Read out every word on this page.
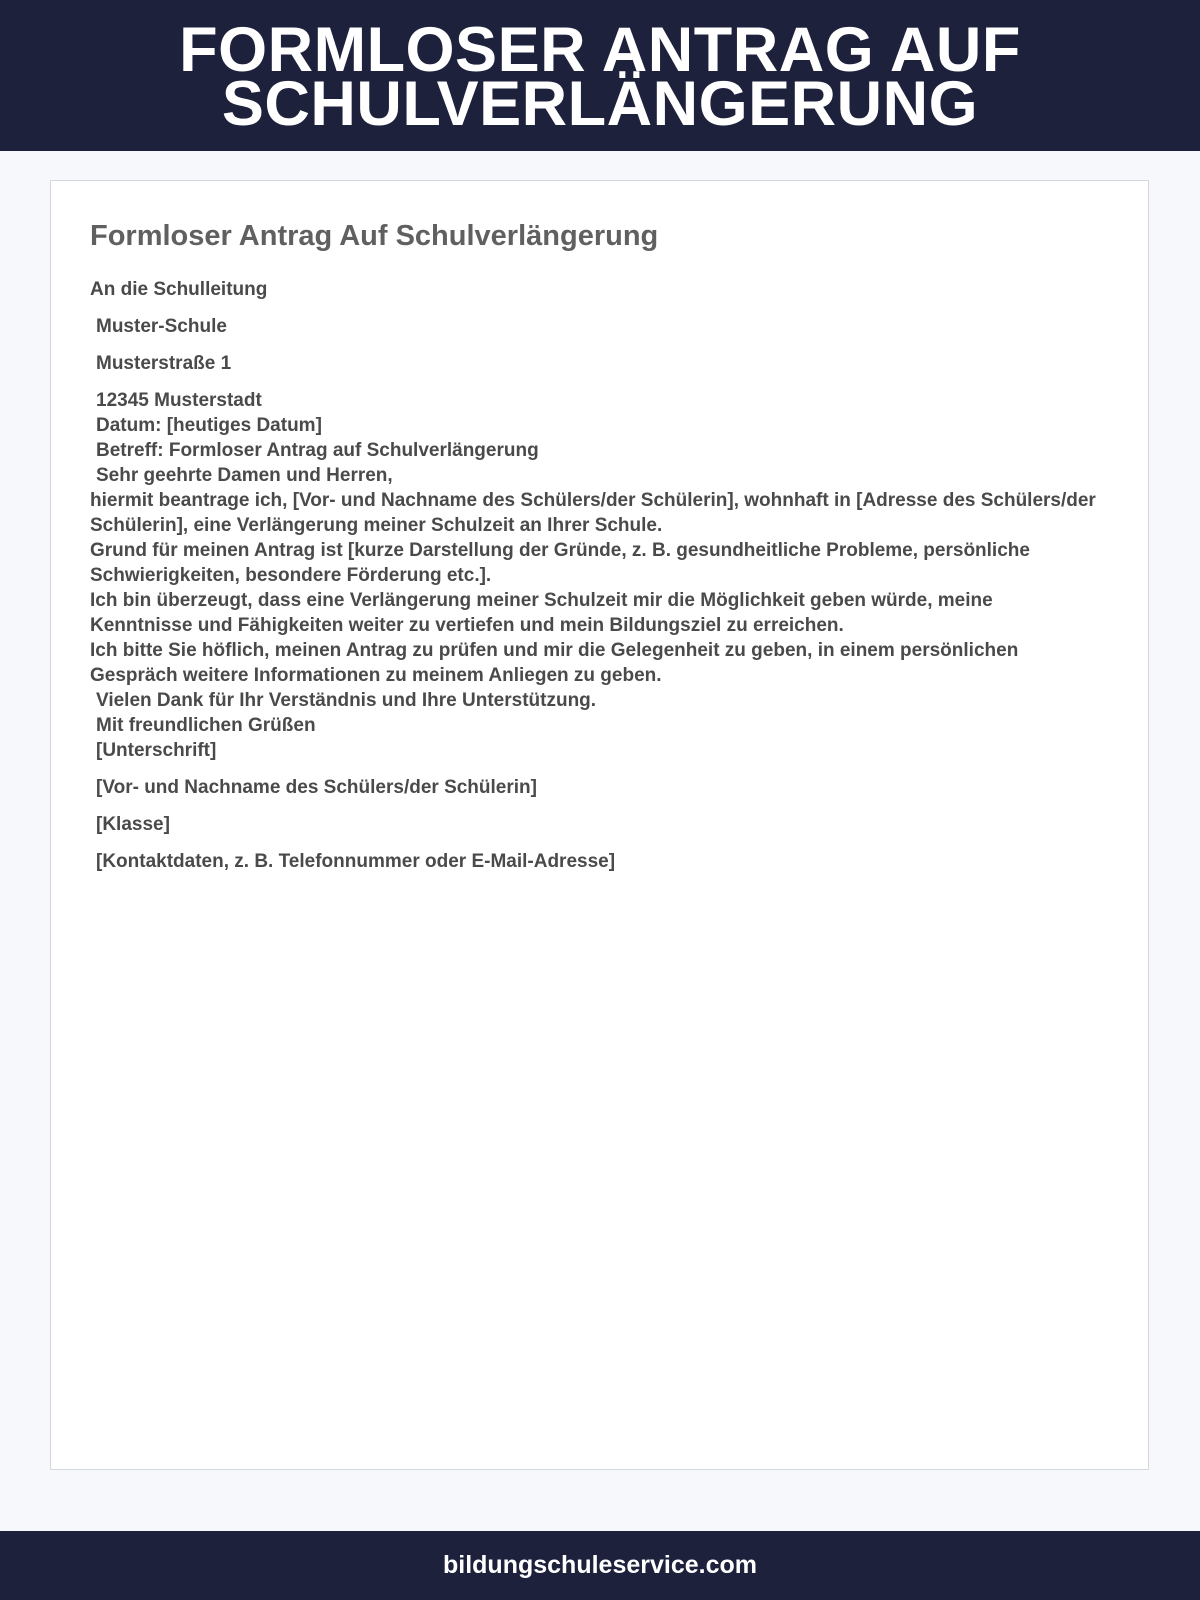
FORMLOSER ANTRAG AUF
SCHULVERLÄNGERUNG
Formloser Antrag Auf Schulverlängerung

An die Schulleitung

Muster-Schule

Musterstraße 1

12345 Musterstadt

Datum: [heutiges Datum]

Betreff: Formloser Antrag auf Schulverlängerung

Sehr geehrte Damen und Herren,

hiermit beantrage ich, [Vor- und Nachname des Schülers/der Schülerin], wohnhaft in [Adresse des Schülers/der Schülerin], eine Verlängerung meiner Schulzeit an Ihrer Schule.

Grund für meinen Antrag ist [kurze Darstellung der Gründe, z. B. gesundheitliche Probleme, persönliche Schwierigkeiten, besondere Förderung etc.].

Ich bin überzeugt, dass eine Verlängerung meiner Schulzeit mir die Möglichkeit geben würde, meine Kenntnisse und Fähigkeiten weiter zu vertiefen und mein Bildungsziel zu erreichen.

Ich bitte Sie höflich, meinen Antrag zu prüfen und mir die Gelegenheit zu geben, in einem persönlichen Gespräch weitere Informationen zu meinem Anliegen zu geben.

Vielen Dank für Ihr Verständnis und Ihre Unterstützung.

Mit freundlichen Grüßen

[Unterschrift]

[Vor- und Nachname des Schülers/der Schülerin]

[Klasse]

[Kontaktdaten, z. B. Telefonnummer oder E-Mail-Adresse]

bildungschuleservice.com
